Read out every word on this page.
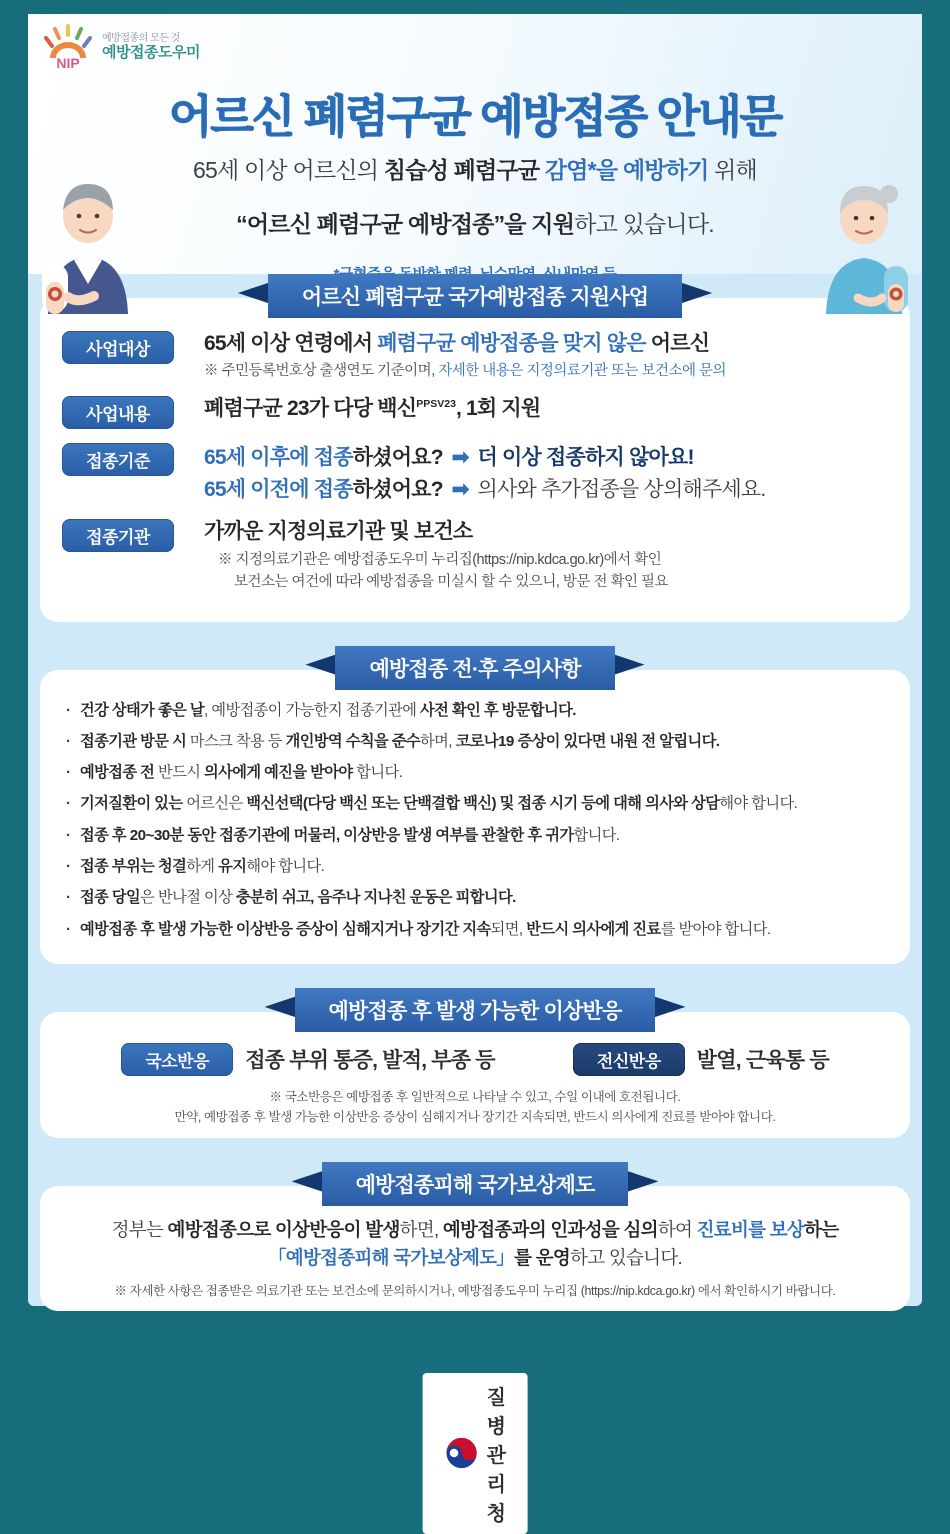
NIP
예방접종의 모든 것
예방접종도우미
어르신 폐렴구균 예방접종 안내문

65세 이상 어르신의 침습성 폐렴구균 감염*을 예방하기 위해

“어르신 폐렴구균 예방접종”을 지원하고 있습니다.

어르신 폐렴구균 국가예방접종 지원사업
사업대상	65세 이상 연령에서 폐렴구균 예방접종을 맞지 않은 어르신
※ 주민등록번호상 출생연도 기준이며, 자세한 내용은 지정의료기관 또는 보건소에 문의
사업내용	폐렴구균 23가 다당 백신$^{PPSV23}$, 1회 지원
접종기준	65세 이후에 접종하셨어요? ➡ 더 이상 접종하지 않아요!
65세 이전에 접종하셨어요? ➡ 의사와 추가접종을 상의해주세요.
접종기관	가까운 지정의료기관 및 보건소
※ 지정의료기관은 예방접종도우미 누리집(https://nip.kdca.go.kr)에서 확인
보건소는 여건에 따라 예방접종을 미실시 할 수 있으니, 방문 전 확인 필요
예방접종 전·후 주의사항
· 건강 상태가 좋은 날, 예방접종이 가능한지 접종기관에 사전 확인 후 방문합니다.
· 접종기관 방문 시 마스크 착용 등 개인방역 수칙을 준수하며, 코로나19 증상이 있다면 내원 전 알립니다.
· 예방접종 전 반드시 의사에게 예진을 받아야 합니다.
· 기저질환이 있는 어르신은 백신선택(다당 백신 또는 단백결합 백신) 및 접종 시기 등에 대해 의사와 상담해야 합니다.
· 접종 후 20~30분 동안 접종기관에 머물러, 이상반응 발생 여부를 관찰한 후 귀가합니다.
· 접종 부위는 청결하게 유지해야 합니다.
· 접종 당일은 반나절 이상 충분히 쉬고, 음주나 지나친 운동은 피합니다.
· 예방접종 후 발생 가능한 이상반응 증상이 심해지거나 장기간 지속되면, 반드시 의사에게 진료를 받아야 합니다.
예방접종 후 발생 가능한 이상반응
국소반응	접종 부위 통증, 발적, 부종 등	전신반응	발열, 근육통 등
※ 국소반응은 예방접종 후 일반적으로 나타날 수 있고, 수일 이내에 호전됩니다.
만약, 예방접종 후 발생 가능한 이상반응 증상이 심해지거나 장기간 지속되면, 반드시 의사에게 진료를 받아야 합니다.
예방접종피해 국가보상제도
정부는 예방접종으로 이상반응이 발생하면, 예방접종과의 인과성을 심의하여 진료비를 보상하는
「예방접종피해 국가보상제도」를 운영하고 있습니다.
※ 자세한 사항은 접종받은 의료기관 또는 보건소에 문의하시거나, 예방접종도우미 누리집 (https://nip.kdca.go.kr) 에서 확인하시기 바랍니다.
질병관리청
